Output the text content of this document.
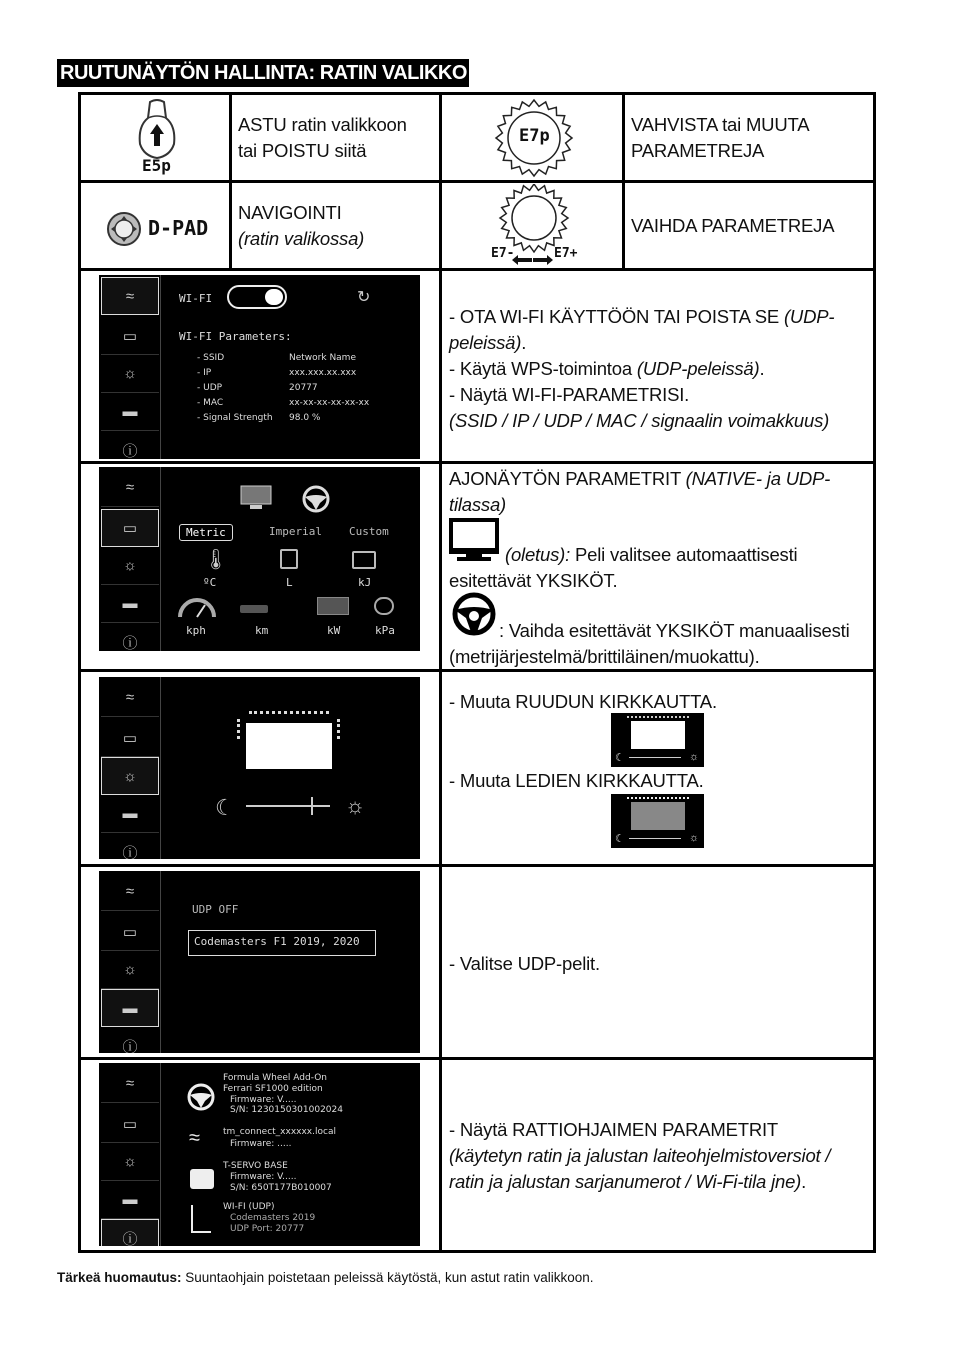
RUUTUNÄYTÖN HALLINTA: RATIN VALIKKO
E5p
ASTU ratin valikkoon
tai POISTU siitä
E7p
VAHVISTA tai MUUTA
PARAMETREJA
D-PAD
NAVIGOINTI
(ratin valikossa)
E7-	E7+
VAIHDA PARAMETREJA
≈
▭
☼
▬
ⓘ
WI-FI	↻
WI-FI Parameters:
- SSID	Network Name
- IP	xxx.xxx.xx.xxx
- UDP	20777
- MAC	xx-xx-xx-xx-xx-xx
- Signal Strength 98.0 %
- OTA WI-FI KÄYTTÖÖN TAI POISTA SE (UDP-
peleissä).
- Käytä WPS-toimintoa (UDP-peleissä).
- Näytä WI-FI-PARAMETRISI.
(SSID / IP / UDP / MAC / signaalin voimakkuus)
≈
▭
☼
▬
ⓘ
🌡
Metric	Imperial	Custom
ºC	L	kJ
kph	km	kW	kPa
AJONÄYTÖN PARAMETRIT (NATIVE- ja UDP-
tilassa)
(oletus): Peli valitsee automaattisesti
esitettävät YKSIKÖT.
: Vaihda esitettävät YKSIKÖT manuaalisesti
(metrijärjestelmä/brittiläinen/muokattu).
≈
▭
☼
▬
ⓘ
☾	☼
- Muuta RUUDUN KIRKKAUTTA.
☾	☼
- Muuta LEDIEN KIRKKAUTTA.
☾	☼
≈
▭
☼
▬
ⓘ
UDP OFF
Codemasters F1 2019, 2020
- Valitse UDP-pelit.
≈
▭
☼
▬
ⓘ
Formula Wheel Add-On
Ferrari SF1000 edition
Firmware: V.....
S/N: 1230150301002024
≈	tm_connect_xxxxxx.local
Firmware: .....
T-SERVO BASE
Firmware: V.....
S/N: 650T177B010007
WI-FI (UDP)
Codemasters 2019
UDP Port: 20777
- Näytä RATTIOHJAIMEN PARAMETRIT
(käytetyn ratin ja jalustan laiteohjelmistoversiot /
ratin ja jalustan sarjanumerot / Wi-Fi-tila jne).
Tärkeä huomautus: Suuntaohjain poistetaan peleissä käytöstä, kun astut ratin valikkoon.
